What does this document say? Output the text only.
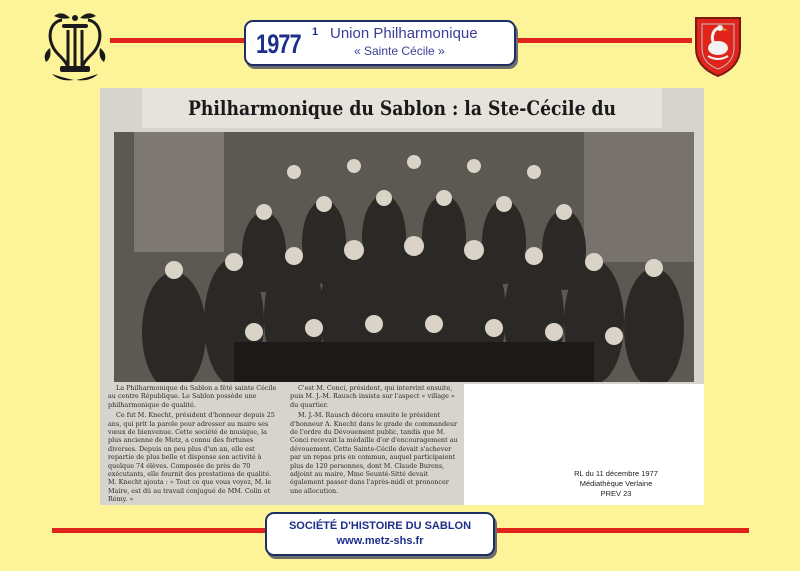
1977 1 Union Philharmonique
« Sainte Cécile »
Philharmonique du Sablon : la Ste-Cécile du

La Philharmonique du Sablon a fêté sainte Cécile au centre République. Le Sablon possède une philharmonique de qualité.

Ce fut M. Knecht, président d'honneur depuis 25 ans, qui prit la parole pour adresser au maire ses vœux de bienvenue. Cette société de musique, la plus ancienne de Metz, a connu des fortunes diverses. Depuis un peu plus d'un an, elle est repartie de plus belle et dispense son activité à quelque 74 élèves. Composée de près de 70 exécutants, elle fournit des prestations de qualité. M. Knecht ajouta : « Tout ce que vous voyez, M. le Maire, est dû au travail conjugué de MM. Colin et Rémy. »

C'est M. Conci, président, qui intervint ensuite, puis M. J.-M. Rausch insista sur l'aspect « village » du quartier.

M. J.-M. Rausch décora ensuite le président d'honneur A. Knecht dans le grade de commandeur de l'ordre du Dévouement public, tandis que M. Conci recevait la médaille d'or d'encouragement au dévouement. Cette Sainte-Cécile devait s'achever par un repas pris en commun, auquel participaient plus de 120 personnes, dont M. Claude Burens, adjoint au maire, Mme Seunté-Sitté devait également passer dans l'après-midi et prononcer une allocution.

RL du 11 décembre 1977
Médiathèque Verlaine
PREV 23
SOCIÉTÉ D'HISTOIRE DU SABLON
www.metz-shs.fr
